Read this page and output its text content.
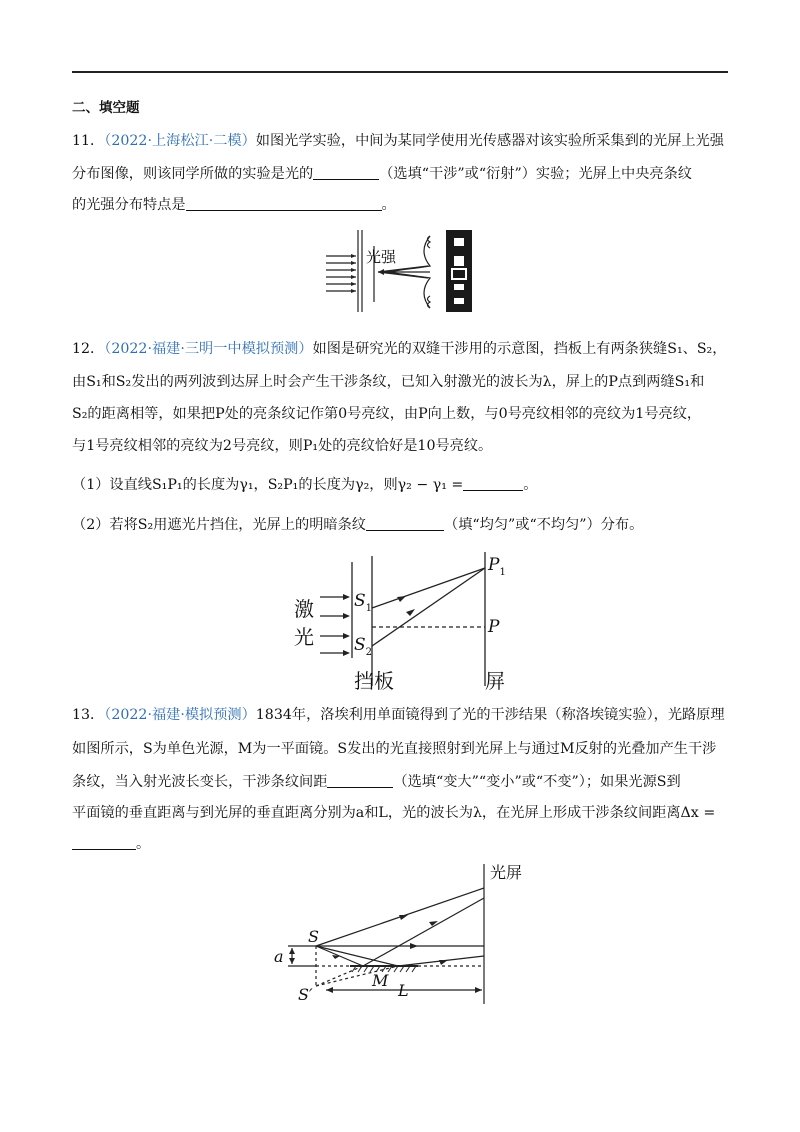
二、填空题
11．（2022·上海松江·二模）如图光学实验，中间为某同学使用光传感器对该实验所采集到的光屏上光强
分布图像，则该同学所做的实验是光的	（选填“干涉”或“衍射”）实验；光屏上中央亮条纹
的光强分布特点是	。
光强
12．（2022·福建·三明一中模拟预测）如图是研究光的双缝干涉用的示意图，挡板上有两条狭缝S₁、S₂，
由S₁和S₂发出的两列波到达屏上时会产生干涉条纹，已知入射激光的波长为λ，屏上的P点到两缝S₁和
S₂的距离相等，如果把P处的亮条纹记作第0号亮纹，由P向上数，与0号亮纹相邻的亮纹为1号亮纹，
与1号亮纹相邻的亮纹为2号亮纹，则P₁处的亮纹恰好是10号亮纹。
（1）设直线S₁P₁的长度为γ₁，S₂P₁的长度为γ₂，则γ₂ − γ₁ =	。
（2）若将S₂用遮光片挡住，光屏上的明暗条纹	（填“均匀”或“不均匀”）分布。
激
光
挡板	屏
$S_1$
$S_2$
$P_1$
P
13．（2022·福建·模拟预测）1834年，洛埃利用单面镜得到了光的干涉结果（称洛埃镜实验），光路原理
如图所示，S为单色光源，M为一平面镜。S发出的光直接照射到光屏上与通过M反射的光叠加产生干涉
条纹，当入射光波长变长，干涉条纹间距	（选填“变大”“变小”或“不变”）；如果光源S到
平面镜的垂直距离与到光屏的垂直距离分别为a和L，光的波长为λ，在光屏上形成干涉条纹间距离Δx =
。
S
S′
a
M
L
光屏
